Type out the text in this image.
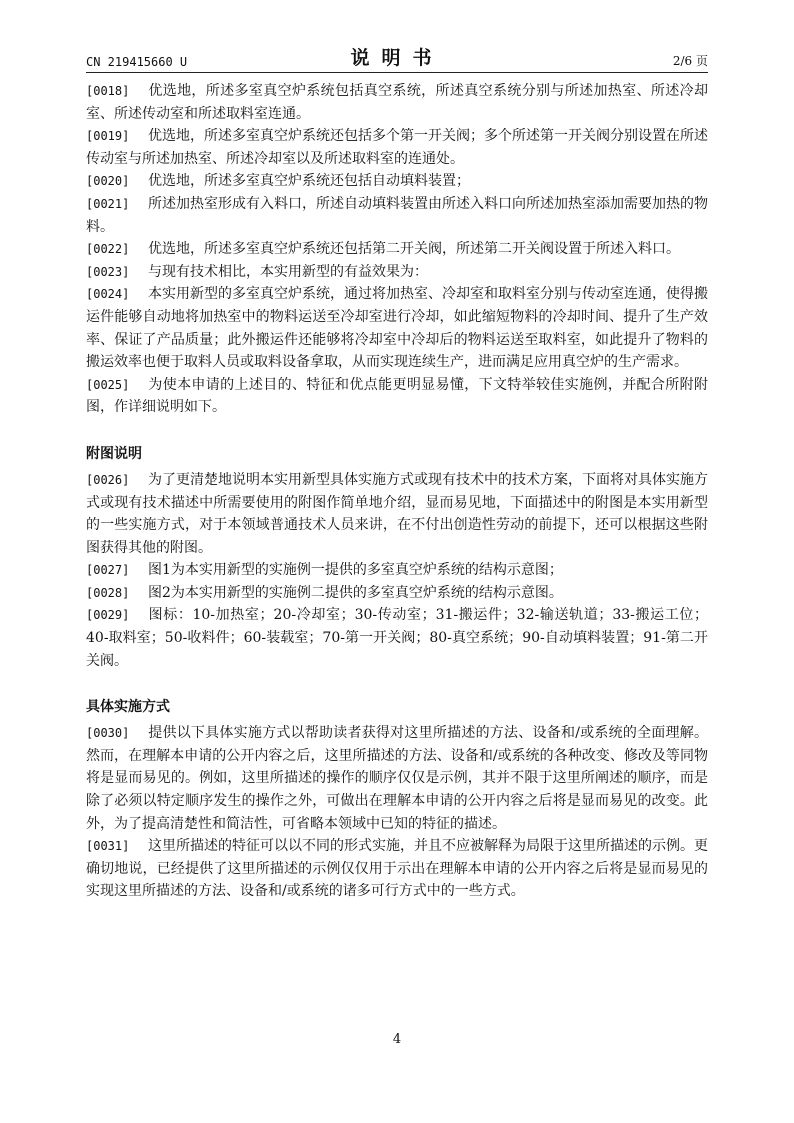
CN 219415660 U	说明书	2/6 页

[0018] 优选地，所述多室真空炉系统包括真空系统，所述真空系统分别与所述加热室、所述冷却室、所述传动室和所述取料室连通。

[0019] 优选地，所述多室真空炉系统还包括多个第一开关阀；多个所述第一开关阀分别设置在所述传动室与所述加热室、所述冷却室以及所述取料室的连通处。

[0020] 优选地，所述多室真空炉系统还包括自动填料装置；

[0021] 所述加热室形成有入料口，所述自动填料装置由所述入料口向所述加热室添加需要加热的物料。

[0022] 优选地，所述多室真空炉系统还包括第二开关阀，所述第二开关阀设置于所述入料口。

[0023] 与现有技术相比，本实用新型的有益效果为：

[0024] 本实用新型的多室真空炉系统，通过将加热室、冷却室和取料室分别与传动室连通，使得搬运件能够自动地将加热室中的物料运送至冷却室进行冷却，如此缩短物料的冷却时间、提升了生产效率、保证了产品质量；此外搬运件还能够将冷却室中冷却后的物料运送至取料室，如此提升了物料的搬运效率也便于取料人员或取料设备拿取，从而实现连续生产，进而满足应用真空炉的生产需求。

[0025] 为使本申请的上述目的、特征和优点能更明显易懂，下文特举较佳实施例，并配合所附附图，作详细说明如下。

附图说明

[0026] 为了更清楚地说明本实用新型具体实施方式或现有技术中的技术方案，下面将对具体实施方式或现有技术描述中所需要使用的附图作简单地介绍，显而易见地，下面描述中的附图是本实用新型的一些实施方式，对于本领域普通技术人员来讲，在不付出创造性劳动的前提下，还可以根据这些附图获得其他的附图。

[0027] 图1为本实用新型的实施例一提供的多室真空炉系统的结构示意图；

[0028] 图2为本实用新型的实施例二提供的多室真空炉系统的结构示意图。

[0029] 图标：10-加热室；20-冷却室；30-传动室；31-搬运件；32-输送轨道；33-搬运工位；40-取料室；50-收料件；60-装载室；70-第一开关阀；80-真空系统；90-自动填料装置；91-第二开关阀。

具体实施方式

[0030] 提供以下具体实施方式以帮助读者获得对这里所描述的方法、设备和/或系统的全面理解。然而，在理解本申请的公开内容之后，这里所描述的方法、设备和/或系统的各种改变、修改及等同物将是显而易见的。例如，这里所描述的操作的顺序仅仅是示例，其并不限于这里所阐述的顺序，而是除了必须以特定顺序发生的操作之外，可做出在理解本申请的公开内容之后将是显而易见的改变。此外，为了提高清楚性和简洁性，可省略本领域中已知的特征的描述。

[0031] 这里所描述的特征可以以不同的形式实施，并且不应被解释为局限于这里所描述的示例。更确切地说，已经提供了这里所描述的示例仅仅用于示出在理解本申请的公开内容之后将是显而易见的实现这里所描述的方法、设备和/或系统的诸多可行方式中的一些方式。

4
